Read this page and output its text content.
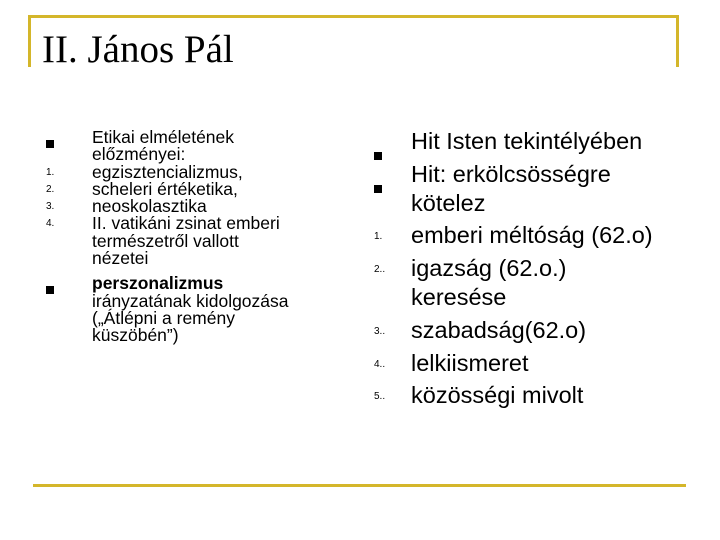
II. János Pál
Etikai elméletének
előzményei:
1. egzisztencializmus,
2. scheleri értéketika,
3. neoskolasztika
4. II. vatikáni zsinat emberi
természetről vallott
nézetei
perszonalizmus
irányzatának kidolgozása
(„Átlépni a remény
küszöbén”)
Hit Isten tekintélyében
Hit: erkölcsösségre
kötelez
1. emberi méltóság (62.o)
2.. igazság (62.o.)
keresése
3.. szabadság(62.o)
4.. lelkiismeret
5.. közösségi mivolt
